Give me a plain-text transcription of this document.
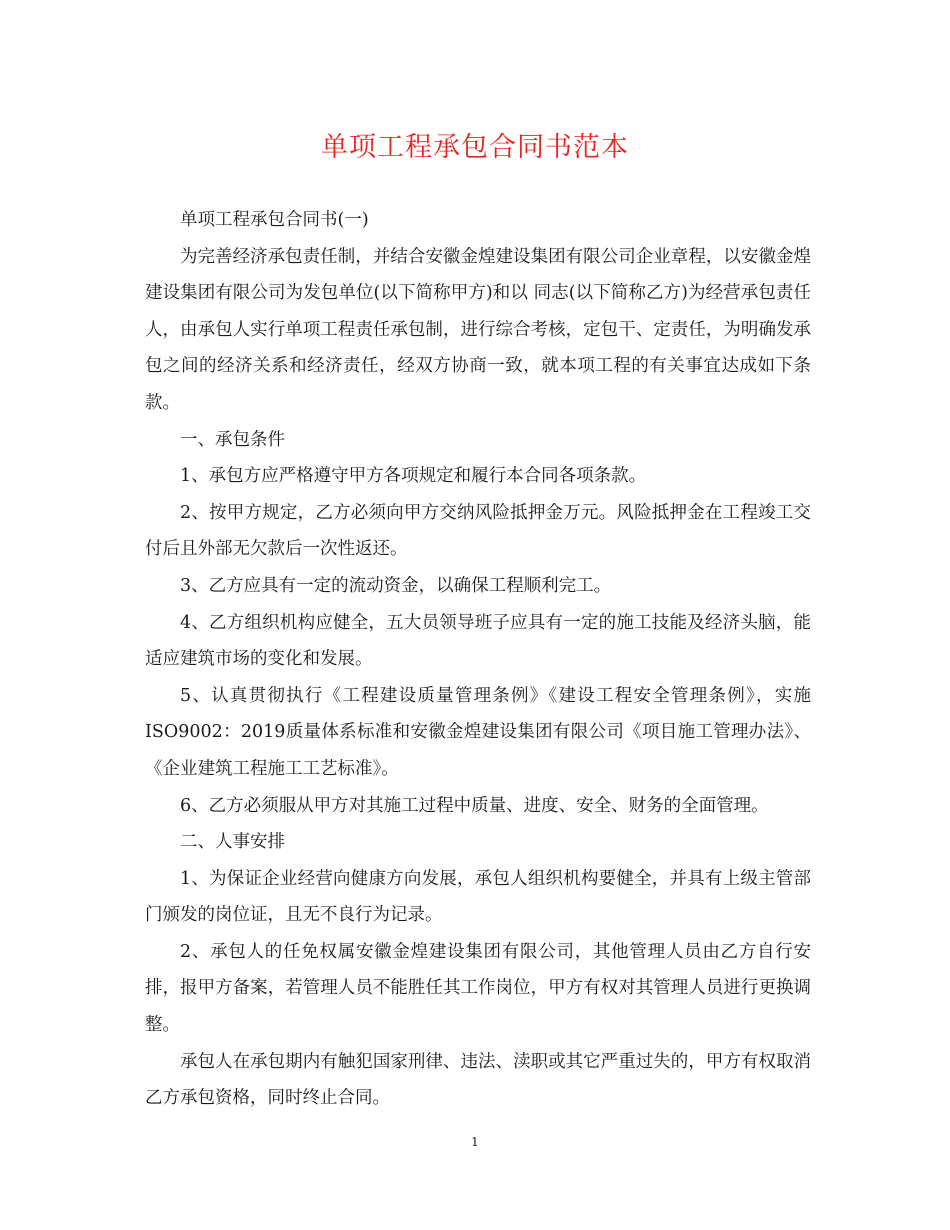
单项工程承包合同书范本

单项工程承包合同书(一)

为完善经济承包责任制，并结合安徽金煌建设集团有限公司企业章程，以安徽金煌建设集团有限公司为发包单位(以下简称甲方)和以 同志(以下简称乙方)为经营承包责任人，由承包人实行单项工程责任承包制，进行综合考核，定包干、定责任，为明确发承包之间的经济关系和经济责任，经双方协商一致，就本项工程的有关事宜达成如下条款。

一、承包条件

1、承包方应严格遵守甲方各项规定和履行本合同各项条款。

2、按甲方规定，乙方必须向甲方交纳风险抵押金万元。风险抵押金在工程竣工交付后且外部无欠款后一次性返还。

3、乙方应具有一定的流动资金，以确保工程顺利完工。

4、乙方组织机构应健全，五大员领导班子应具有一定的施工技能及经济头脑，能适应建筑市场的变化和发展。

5、认真贯彻执行《工程建设质量管理条例》《建设工程安全管理条例》，实施ISO9002：2019质量体系标准和安徽金煌建设集团有限公司《项目施工管理办法》、《企业建筑工程施工工艺标准》。

6、乙方必须服从甲方对其施工过程中质量、进度、安全、财务的全面管理。

二、人事安排

1、为保证企业经营向健康方向发展，承包人组织机构要健全，并具有上级主管部门颁发的岗位证，且无不良行为记录。

2、承包人的任免权属安徽金煌建设集团有限公司，其他管理人员由乙方自行安排，报甲方备案，若管理人员不能胜任其工作岗位，甲方有权对其管理人员进行更换调整。

承包人在承包期内有触犯国家刑律、违法、渎职或其它严重过失的，甲方有权取消乙方承包资格，同时终止合同。

1
